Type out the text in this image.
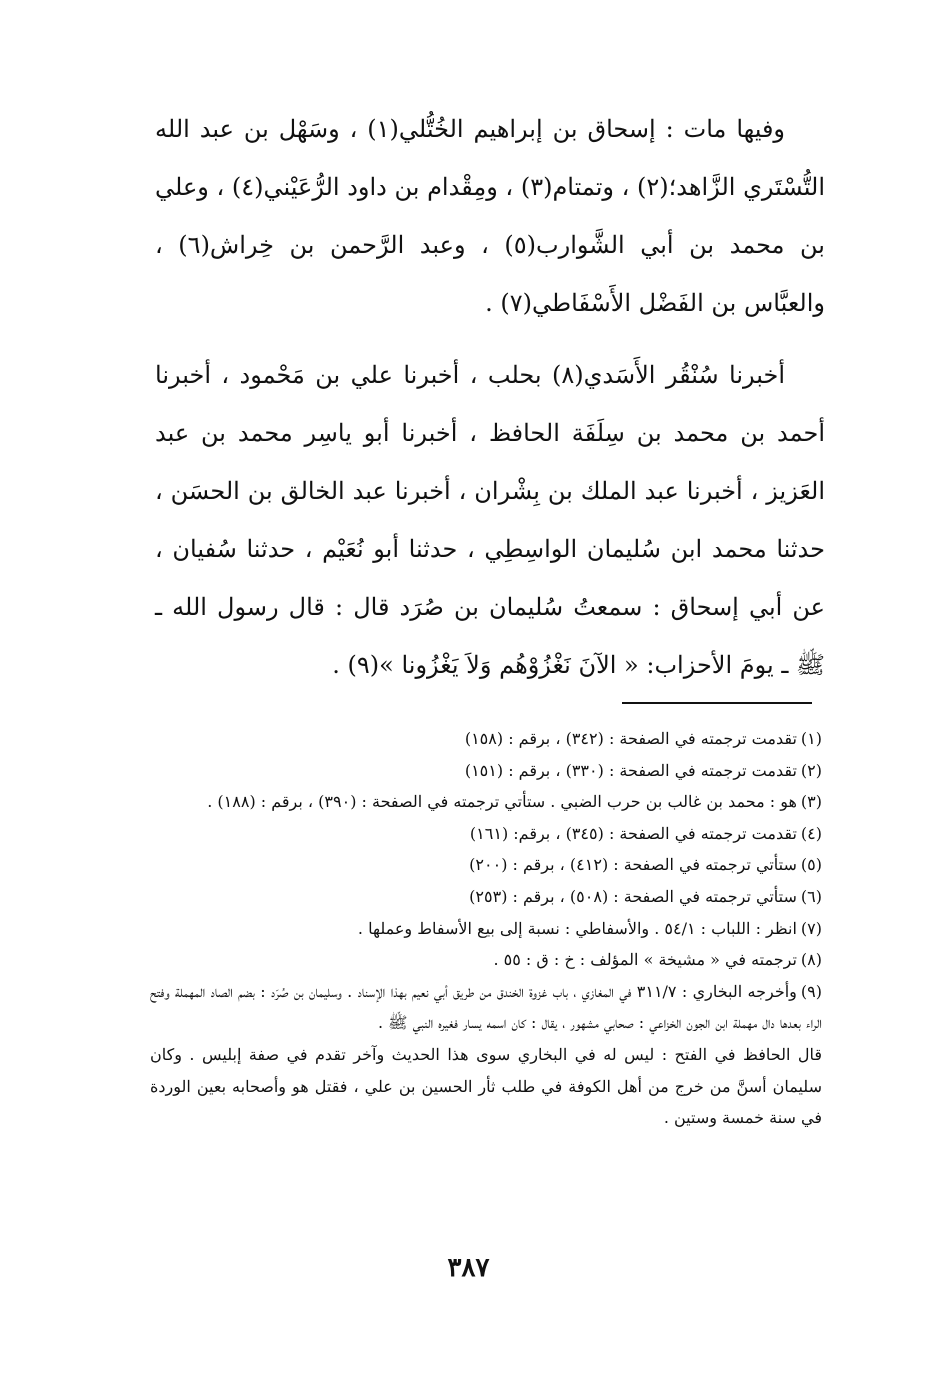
وفيها مات : إسحاق بن إبراهيم الخُتُّلي(١) ، وسَهْل بن عبد الله التُّسْتَري الزَّاهد؛(٢) ، وتمتام(٣) ، ومِقْدام بن داود الرُّعَيْني(٤) ، وعلي بن محمد بن أبي الشَّوارب(٥) ، وعبد الرَّحمن بن خِراش(٦) ، والعبَّاس بن الفَضْل الأَسْفَاطي(٧) .

أخبرنا سُنْقُر الأَسَدي(٨) بحلب ، أخبرنا علي بن مَحْمود ، أخبرنا أحمد بن محمد بن سِلَفَة الحافظ ، أخبرنا أبو ياسِر محمد بن عبد العَزيز ، أخبرنا عبد الملك بن بِشْران ، أخبرنا عبد الخالق بن الحسَن ، حدثنا محمد ابن سُليمان الواسِطِي ، حدثنا أبو نُعَيْم ، حدثنا سُفيان ، عن أبي إسحاق : سمعتُ سُليمان بن صُرَد قال : قال رسول الله ـ ﷺ ـ يومَ الأحزاب: « الآنَ نَغْزُوْهُم وَلاَ يَغْزُونا »(٩) .

(١)تقدمت ترجمته في الصفحة : (٣٤٢) ، برقم : (١٥٨)

(٢)تقدمت ترجمته في الصفحة : (٣٣٠) ، برقم : (١٥١)

(٣)هو : محمد بن غالب بن حرب الضبي . ستأتي ترجمته في الصفحة : (٣٩٠) ، برقم : (١٨٨) .

(٤)تقدمت ترجمته في الصفحة : (٣٤٥) ، برقم: (١٦١)

(٥)ستأتي ترجمته في الصفحة : (٤١٢) ، برقم : (٢٠٠)

(٦)ستأتي ترجمته في الصفحة : (٥٠٨) ، برقم : (٢٥٣)

(٧)انظر : اللباب : ٥٤/١ . والأسفاطي : نسبة إلى بيع الأسفاط وعملها .

(٨)ترجمته في « مشيخة » المؤلف : خ : ق : ٥٥ .

(٩)وأخرجه البخاري : ٣١١/٧ في المغازي ، باب غزوة الخندق من طريق أبي نعيم بهذا الإسناد . وسليمان بن صُرَد : بضم الصاد المهملة وفتح الراء بعدها دال مهملة ابن الجون الخزاعي : صحابي مشهور ، يقال : كان اسمه يسار فغيره النبي ﷺ .

قال الحافظ في الفتح : ليس له في البخاري سوى هذا الحديث وآخر تقدم في صفة إبليس . وكان سليمان أسنَّ من خرج من أهل الكوفة في طلب ثأر الحسين بن علي ، فقتل هو وأصحابه بعين الوردة في سنة خمسة وستين .

٣٨٧
